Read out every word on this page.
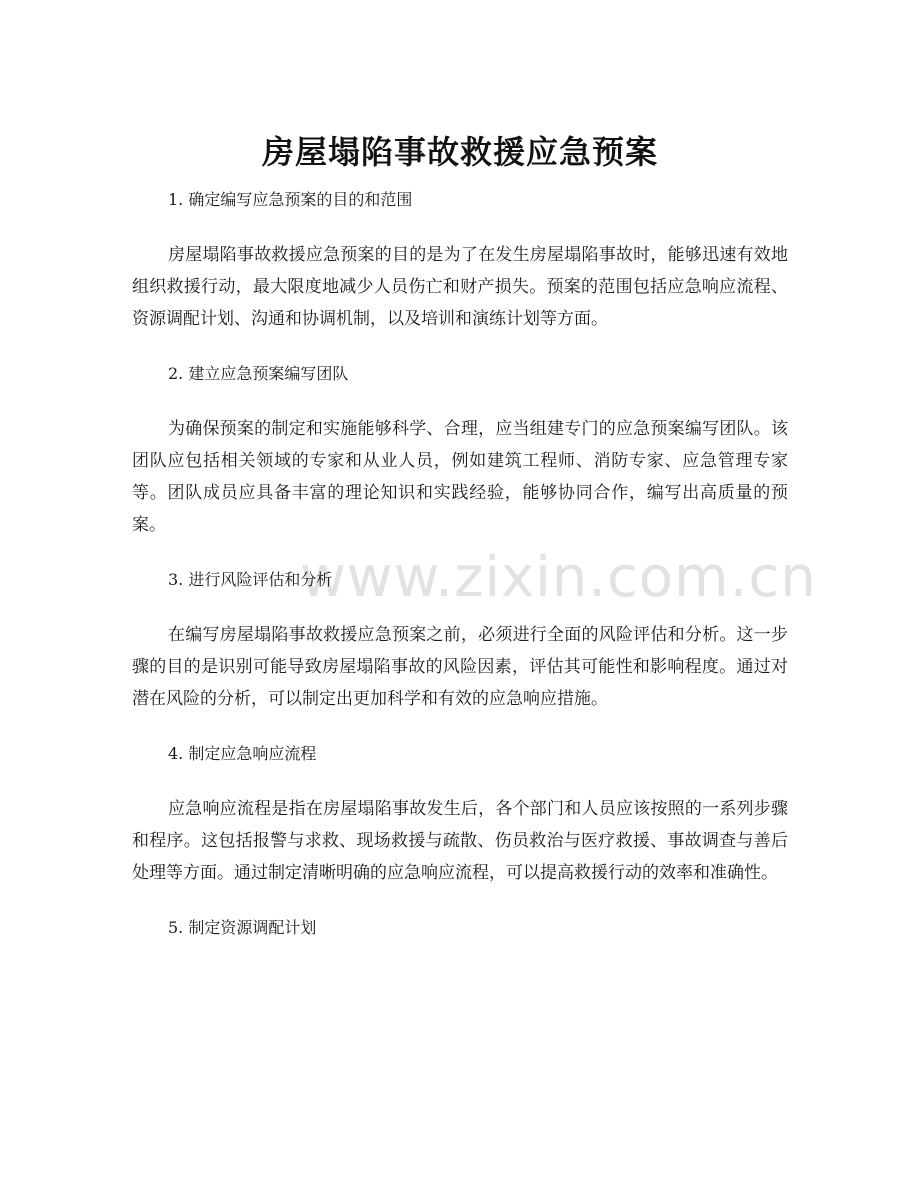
www.zixin.com.cn
房屋塌陷事故救援应急预案

1. 确定编写应急预案的目的和范围

房屋塌陷事故救援应急预案的目的是为了在发生房屋塌陷事故时，能够迅速有效地组织救援行动，最大限度地减少人员伤亡和财产损失。预案的范围包括应急响应流程、资源调配计划、沟通和协调机制，以及培训和演练计划等方面。

2. 建立应急预案编写团队

为确保预案的制定和实施能够科学、合理，应当组建专门的应急预案编写团队。该团队应包括相关领域的专家和从业人员，例如建筑工程师、消防专家、应急管理专家等。团队成员应具备丰富的理论知识和实践经验，能够协同合作，编写出高质量的预案。

3. 进行风险评估和分析

在编写房屋塌陷事故救援应急预案之前，必须进行全面的风险评估和分析。这一步骤的目的是识别可能导致房屋塌陷事故的风险因素，评估其可能性和影响程度。通过对潜在风险的分析，可以制定出更加科学和有效的应急响应措施。

4. 制定应急响应流程

应急响应流程是指在房屋塌陷事故发生后，各个部门和人员应该按照的一系列步骤和程序。这包括报警与求救、现场救援与疏散、伤员救治与医疗救援、事故调查与善后处理等方面。通过制定清晰明确的应急响应流程，可以提高救援行动的效率和准确性。

5. 制定资源调配计划
